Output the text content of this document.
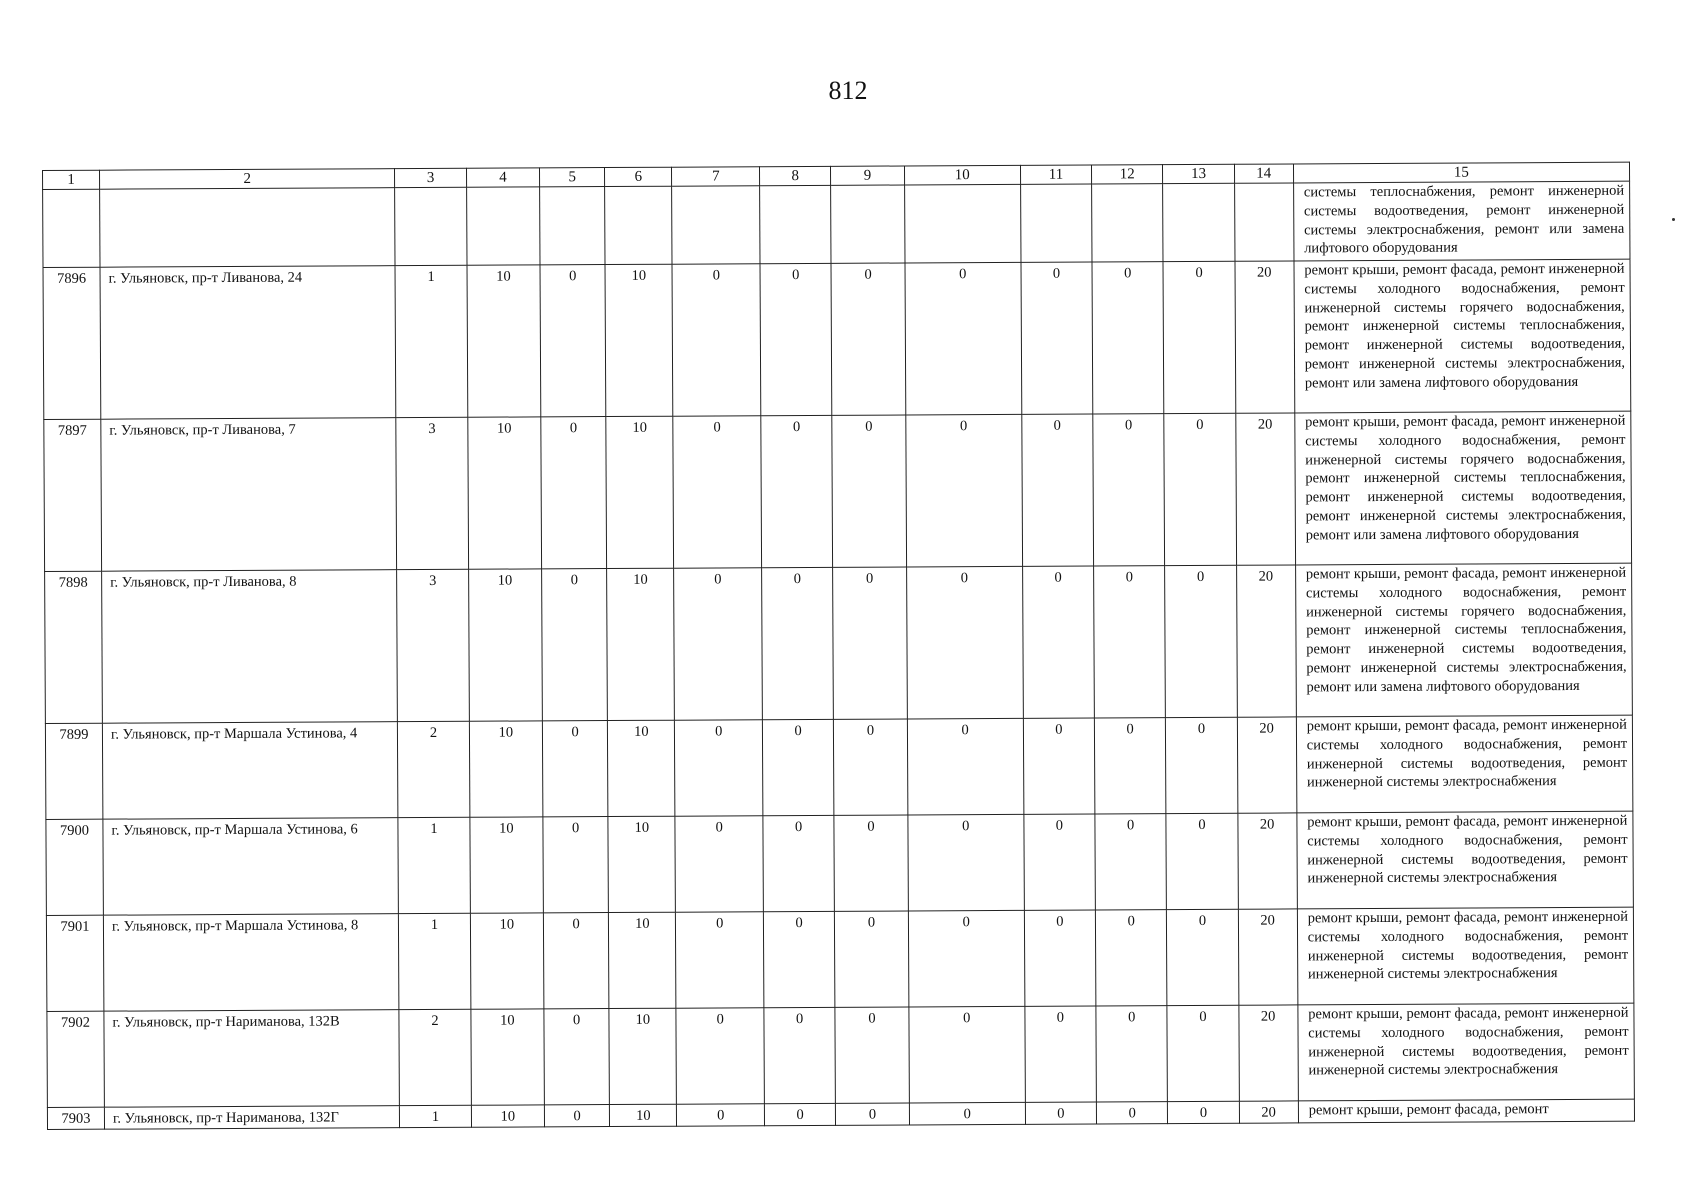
812
1	2	3	4	5	6	7	8	9	10	11	12	13	14	15
														системы теплоснабжения, ремонт инженерной системы водоотведения, ремонт инженерной системы электроснабжения, ремонт или замена лифтового оборудования
7896	г. Ульяновск, пр-т Ливанова, 24	1	10	0	10	0	0	0	0	0	0	0	20	ремонт крыши, ремонт фасада, ремонт инженерной системы холодного водоснабжения, ремонт инженерной системы горячего водоснабжения, ремонт инженерной системы теплоснабжения, ремонт инженерной системы водоотведения, ремонт инженерной системы электроснабжения, ремонт или замена лифтового оборудования
7897	г. Ульяновск, пр-т Ливанова, 7	3	10	0	10	0	0	0	0	0	0	0	20	ремонт крыши, ремонт фасада, ремонт инженерной системы холодного водоснабжения, ремонт инженерной системы горячего водоснабжения, ремонт инженерной системы теплоснабжения, ремонт инженерной системы водоотведения, ремонт инженерной системы электроснабжения, ремонт или замена лифтового оборудования
7898	г. Ульяновск, пр-т Ливанова, 8	3	10	0	10	0	0	0	0	0	0	0	20	ремонт крыши, ремонт фасада, ремонт инженерной системы холодного водоснабжения, ремонт инженерной системы горячего водоснабжения, ремонт инженерной системы теплоснабжения, ремонт инженерной системы водоотведения, ремонт инженерной системы электроснабжения, ремонт или замена лифтового оборудования
7899	г. Ульяновск, пр-т Маршала Устинова, 4	2	10	0	10	0	0	0	0	0	0	0	20	ремонт крыши, ремонт фасада, ремонт инженерной системы холодного водоснабжения, ремонт инженерной системы водоотведения, ремонт инженерной системы электроснабжения
7900	г. Ульяновск, пр-т Маршала Устинова, 6	1	10	0	10	0	0	0	0	0	0	0	20	ремонт крыши, ремонт фасада, ремонт инженерной системы холодного водоснабжения, ремонт инженерной системы водоотведения, ремонт инженерной системы электроснабжения
7901	г. Ульяновск, пр-т Маршала Устинова, 8	1	10	0	10	0	0	0	0	0	0	0	20	ремонт крыши, ремонт фасада, ремонт инженерной системы холодного водоснабжения, ремонт инженерной системы водоотведения, ремонт инженерной системы электроснабжения
7902	г. Ульяновск, пр-т Нариманова, 132В	2	10	0	10	0	0	0	0	0	0	0	20	ремонт крыши, ремонт фасада, ремонт инженерной системы холодного водоснабжения, ремонт инженерной системы водоотведения, ремонт инженерной системы электроснабжения
7903	г. Ульяновск, пр-т Нариманова, 132Г	1	10	0	10	0	0	0	0	0	0	0	20	ремонт крыши, ремонт фасада, ремонт
